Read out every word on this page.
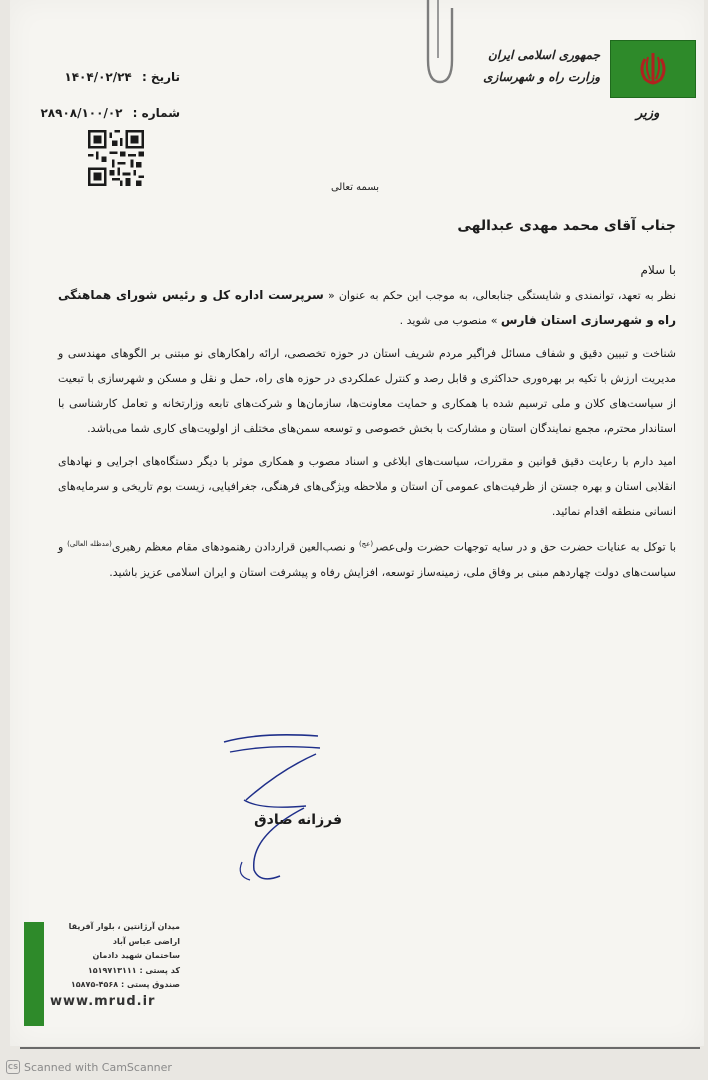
جمهوری اسلامی ایران
وزارت راه و شهرسازی
وزیر
تاریخ : ۱۴۰۴/۰۲/۲۴
شماره : ۲۸۹۰۸/۱۰۰/۰۲
بسمه تعالی
جناب آقای محمد مهدی عبدالهی
با سلام

نظر به تعهد، توانمندی و شایستگی جنابعالی، به موجب این حکم به عنوان « سرپرست اداره کل و رئیس شورای هماهنگی راه و شهرسازی استان فارس » منصوب می شوید .

شناخت و تبیین دقیق و شفاف مسائل فراگیر مردم شریف استان در حوزه تخصصی، ارائه راهکارهای نو مبتنی بر الگوهای مهندسی و مدیریت ارزش با تکیه بر بهره‌وری حداکثری و قابل رصد و کنترل عملکردی در حوزه های راه، حمل و نقل و مسکن و شهرسازی با تبعیت از سیاست‌های کلان و ملی ترسیم شده با همکاری و حمایت معاونت‌ها، سازمان‌ها و شرکت‌های تابعه وزارتخانه و تعامل کارشناسی با استاندار محترم، مجمع نمایندگان استان و مشارکت با بخش خصوصی و توسعه سمن‌های مختلف از اولویت‌های کاری شما می‌باشد.

امید دارم با رعایت دقیق قوانین و مقررات، سیاست‌های ابلاغی و اسناد مصوب و همکاری موثر با دیگر دستگاه‌های اجرایی و نهادهای انقلابی استان و بهره جستن از ظرفیت‌های عمومی آن استان و ملاحظه ویژگی‌های فرهنگی، جغرافیایی، زیست بوم تاریخی و سرمایه‌های انسانی منطقه اقدام نمائید.

با توکل به عنایات حضرت حق و در سایه توجهات حضرت ولی‌عصر$^{(عج)}$ و نصب‌العین قراردادن رهنمودهای مقام معظم رهبری$^{(مدظله العالی)}$ و سیاست‌های دولت چهاردهم مبنی بر وفاق ملی، زمینه‌ساز توسعه، افزایش رفاه و پیشرفت استان و ایران اسلامی عزیز باشید.

فرزانه صادق
میدان آرژانتین ، بلوار آفریقا
اراضی عباس آباد
ساختمان شهید دادمان
کد پستی : ۱۵۱۹۷۱۳۱۱۱
صندوق پستی : ۴۵۶۸-۱۵۸۷۵
www.mrud.ir
CS Scanned with CamScanner
